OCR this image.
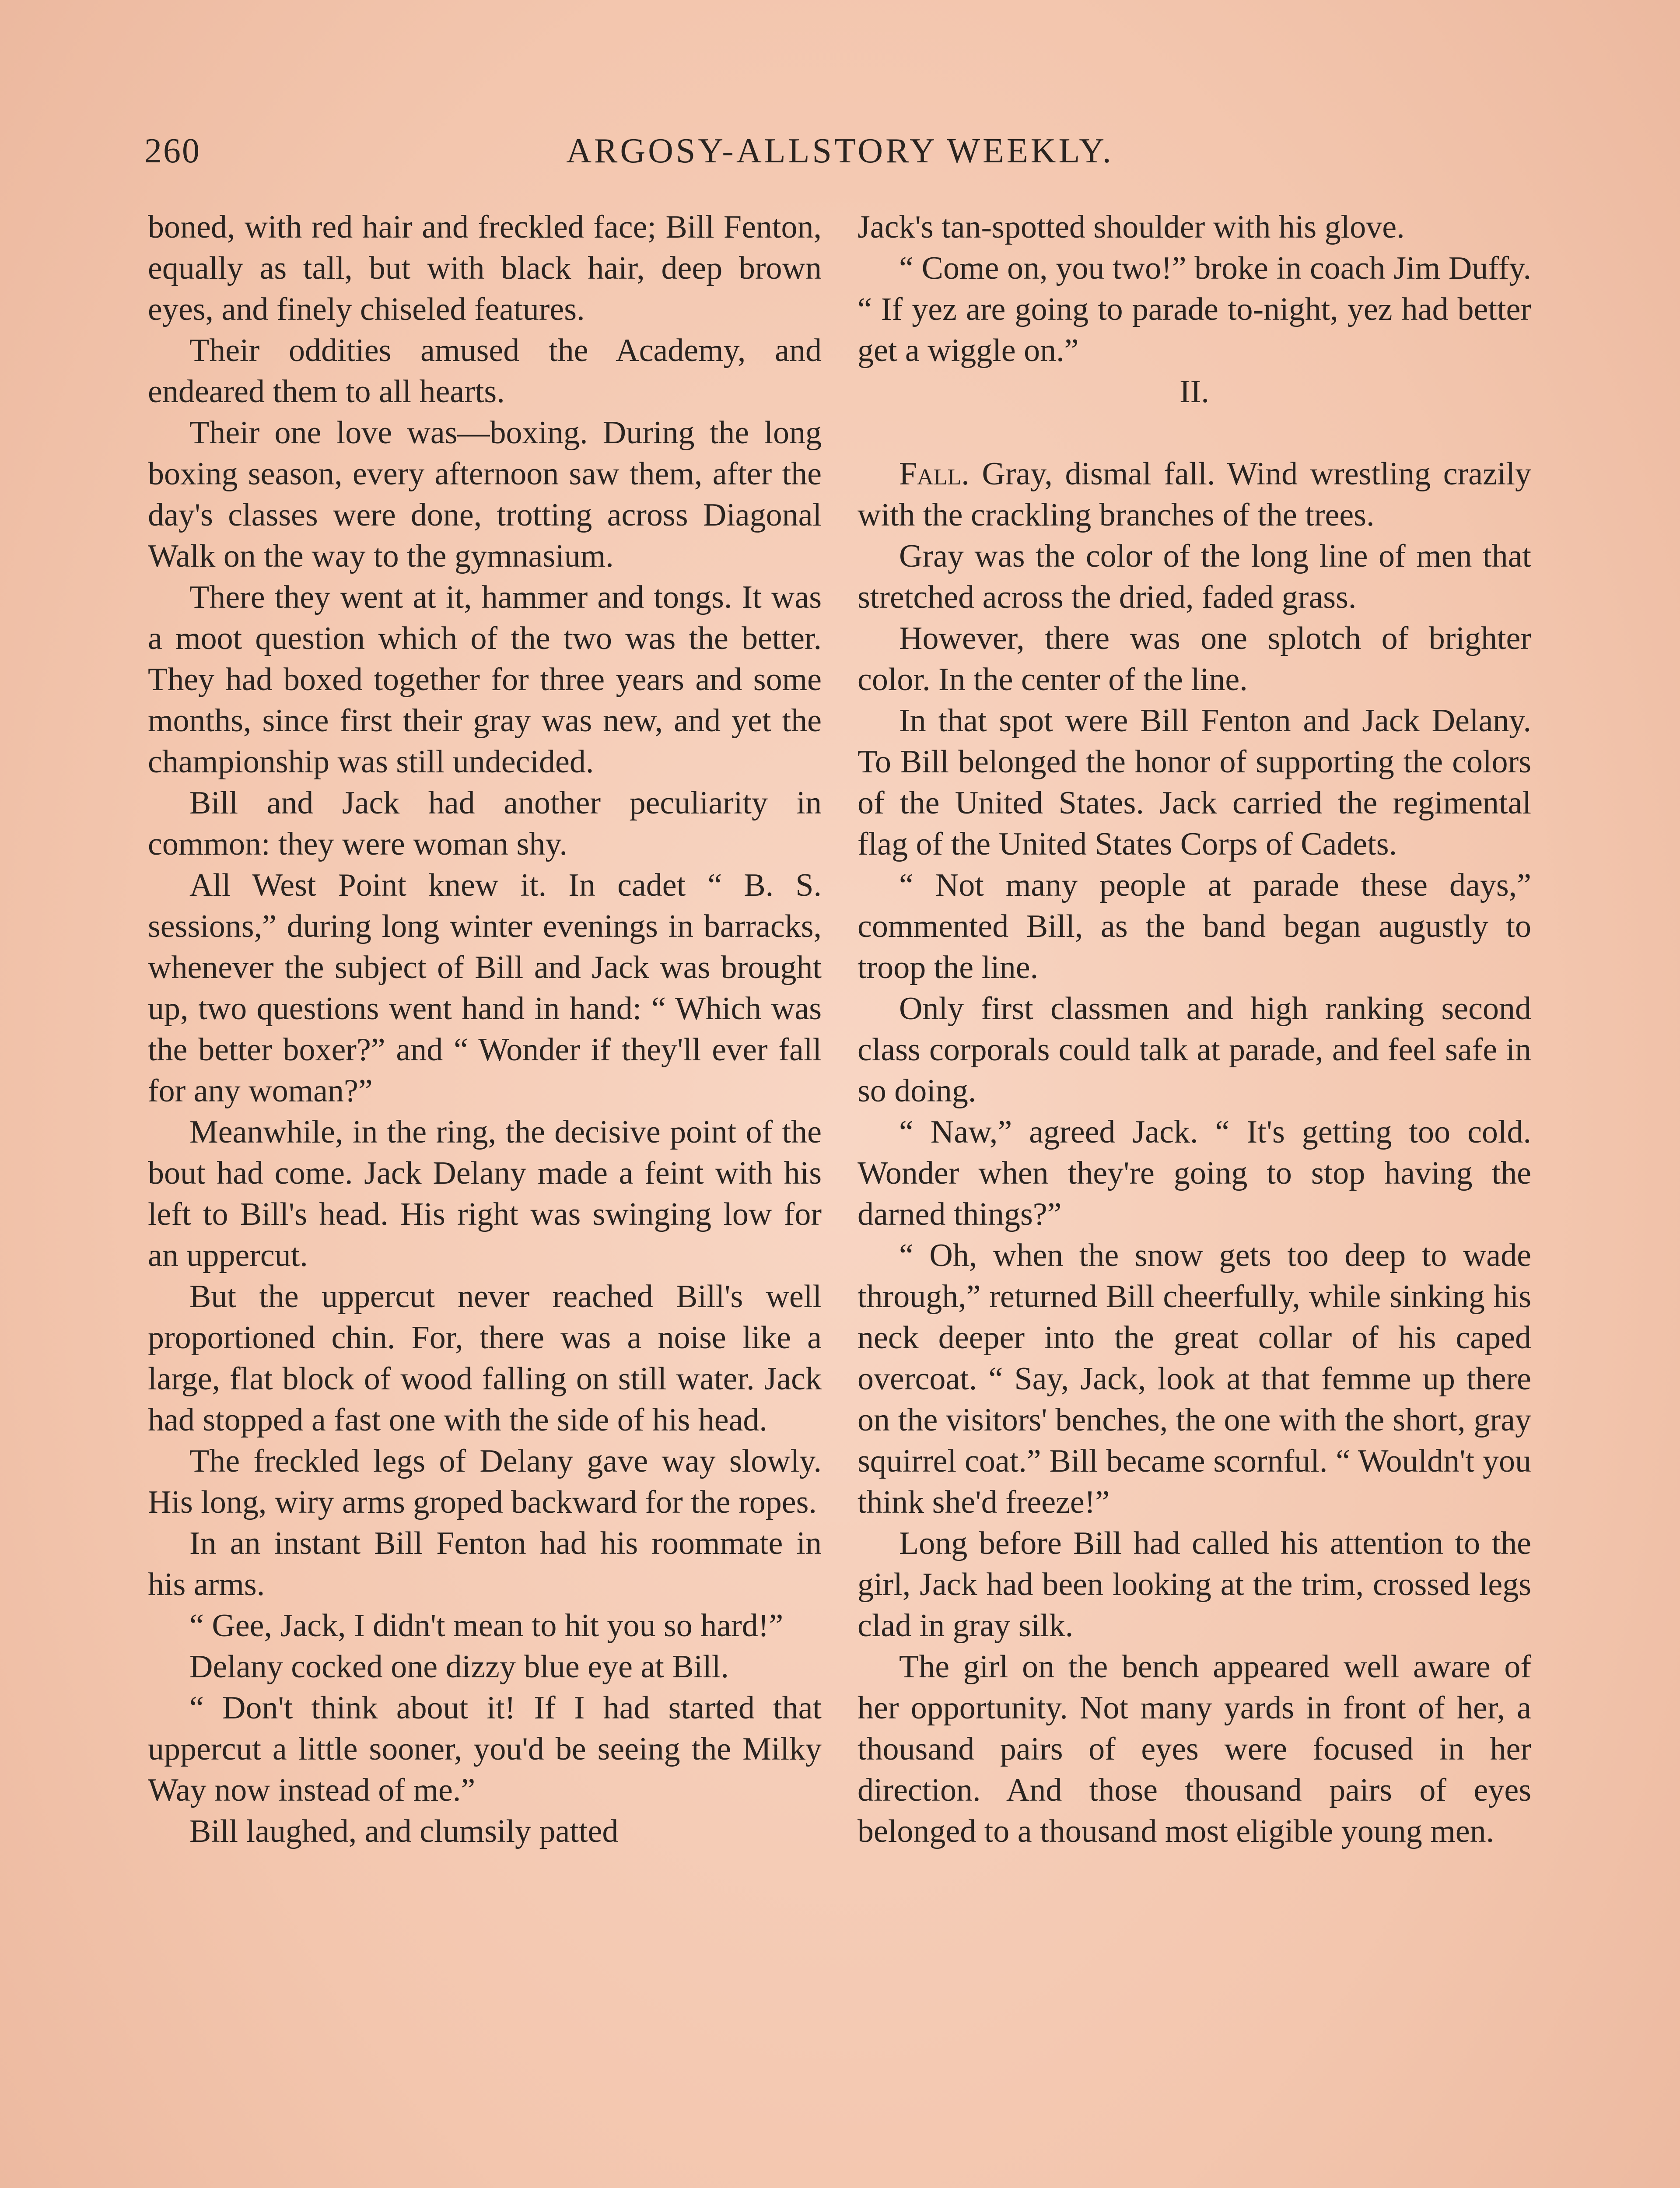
260	ARGOSY-ALLSTORY WEEKLY.

boned, with red hair and freckled face; Bill Fenton, equally as tall, but with black hair, deep brown eyes, and finely chiseled features.

Their oddities amused the Academy, and endeared them to all hearts.

Their one love was—boxing. During the long boxing season, every afternoon saw them, after the day's classes were done, trotting across Diagonal Walk on the way to the gymnasium.

There they went at it, hammer and tongs. It was a moot question which of the two was the better. They had boxed together for three years and some months, since first their gray was new, and yet the championship was still undecided.

Bill and Jack had another peculiarity in common: they were woman shy.

All West Point knew it. In cadet “ B. S. sessions,” during long winter evenings in barracks, whenever the subject of Bill and Jack was brought up, two questions went hand in hand: “ Which was the better boxer?” and “ Wonder if they'll ever fall for any woman?”

Meanwhile, in the ring, the decisive point of the bout had come. Jack Delany made a feint with his left to Bill's head. His right was swinging low for an uppercut.

But the uppercut never reached Bill's well proportioned chin. For, there was a noise like a large, flat block of wood falling on still water. Jack had stopped a fast one with the side of his head.

The freckled legs of Delany gave way slowly. His long, wiry arms groped backward for the ropes.

In an instant Bill Fenton had his roommate in his arms.

“ Gee, Jack, I didn't mean to hit you so hard!”

Delany cocked one dizzy blue eye at Bill.

“ Don't think about it! If I had started that uppercut a little sooner, you'd be seeing the Milky Way now instead of me.”

Bill laughed, and clumsily patted

Jack's tan-spotted shoulder with his glove.

“ Come on, you two!” broke in coach Jim Duffy. “ If yez are going to parade to-night, yez had better get a wiggle on.”

II.

Fall. Gray, dismal fall. Wind wrestling crazily with the crackling branches of the trees.

Gray was the color of the long line of men that stretched across the dried, faded grass.

However, there was one splotch of brighter color. In the center of the line.

In that spot were Bill Fenton and Jack Delany. To Bill belonged the honor of supporting the colors of the United States. Jack carried the regimental flag of the United States Corps of Cadets.

“ Not many people at parade these days,” commented Bill, as the band began augustly to troop the line.

Only first classmen and high ranking second class corporals could talk at parade, and feel safe in so doing.

“ Naw,” agreed Jack. “ It's getting too cold. Wonder when they're going to stop having the darned things?”

“ Oh, when the snow gets too deep to wade through,” returned Bill cheerfully, while sinking his neck deeper into the great collar of his caped overcoat. “ Say, Jack, look at that femme up there on the visitors' benches, the one with the short, gray squirrel coat.” Bill became scornful. “ Wouldn't you think she'd freeze!”

Long before Bill had called his attention to the girl, Jack had been looking at the trim, crossed legs clad in gray silk.

The girl on the bench appeared well aware of her opportunity. Not many yards in front of her, a thousand pairs of eyes were focused in her direction. And those thousand pairs of eyes belonged to a thousand most eligible young men.
